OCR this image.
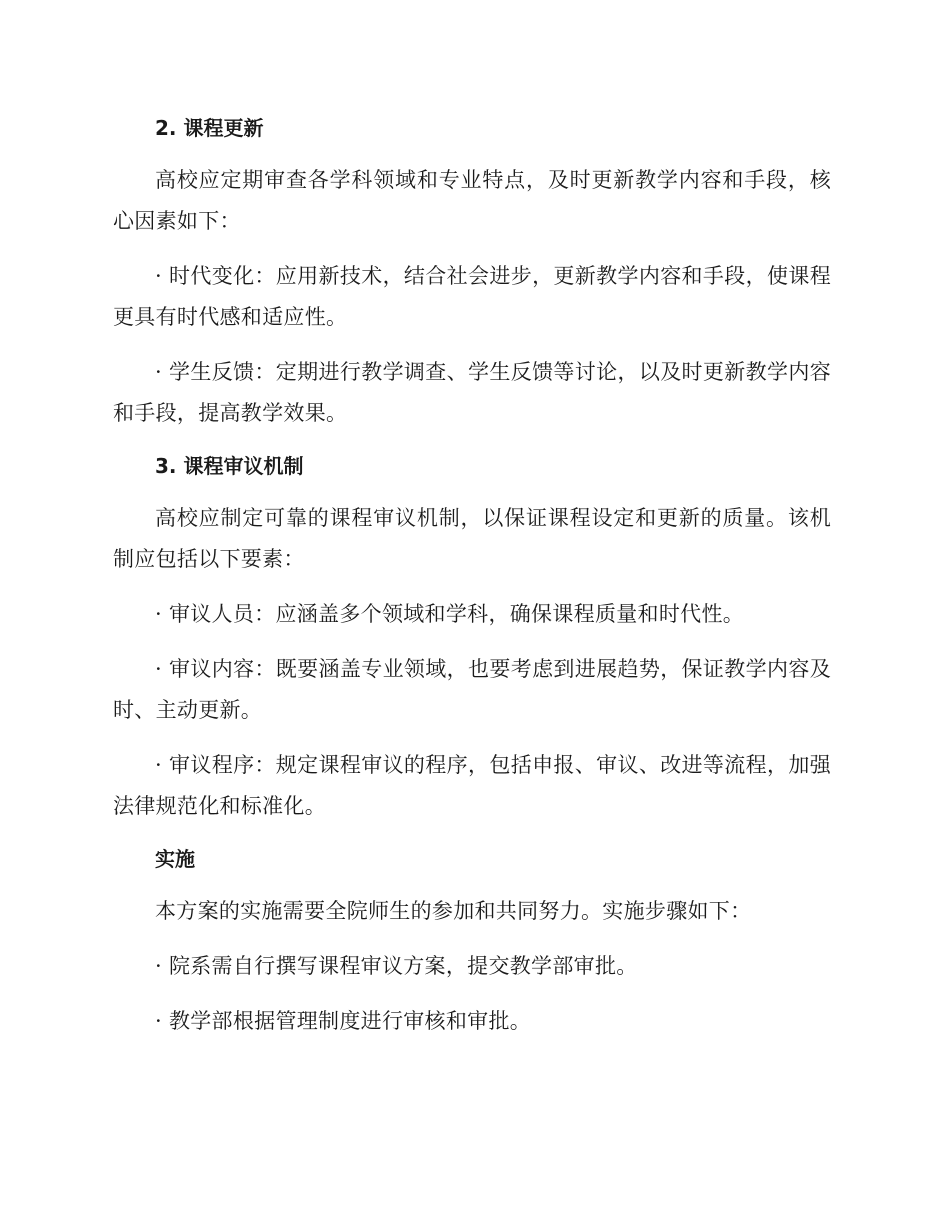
2. 课程更新

高校应定期审查各学科领域和专业特点，及时更新教学内容和手段，核心因素如下：

· 时代变化：应用新技术，结合社会进步，更新教学内容和手段，使课程更具有时代感和适应性。

· 学生反馈：定期进行教学调查、学生反馈等讨论，以及时更新教学内容和手段，提高教学效果。

3. 课程审议机制

高校应制定可靠的课程审议机制，以保证课程设定和更新的质量。该机制应包括以下要素：

· 审议人员：应涵盖多个领域和学科，确保课程质量和时代性。

· 审议内容：既要涵盖专业领域，也要考虑到进展趋势，保证教学内容及时、主动更新。

· 审议程序：规定课程审议的程序，包括申报、审议、改进等流程，加强法律规范化和标准化。

实施

本方案的实施需要全院师生的参加和共同努力。实施步骤如下：

· 院系需自行撰写课程审议方案，提交教学部审批。

· 教学部根据管理制度进行审核和审批。
